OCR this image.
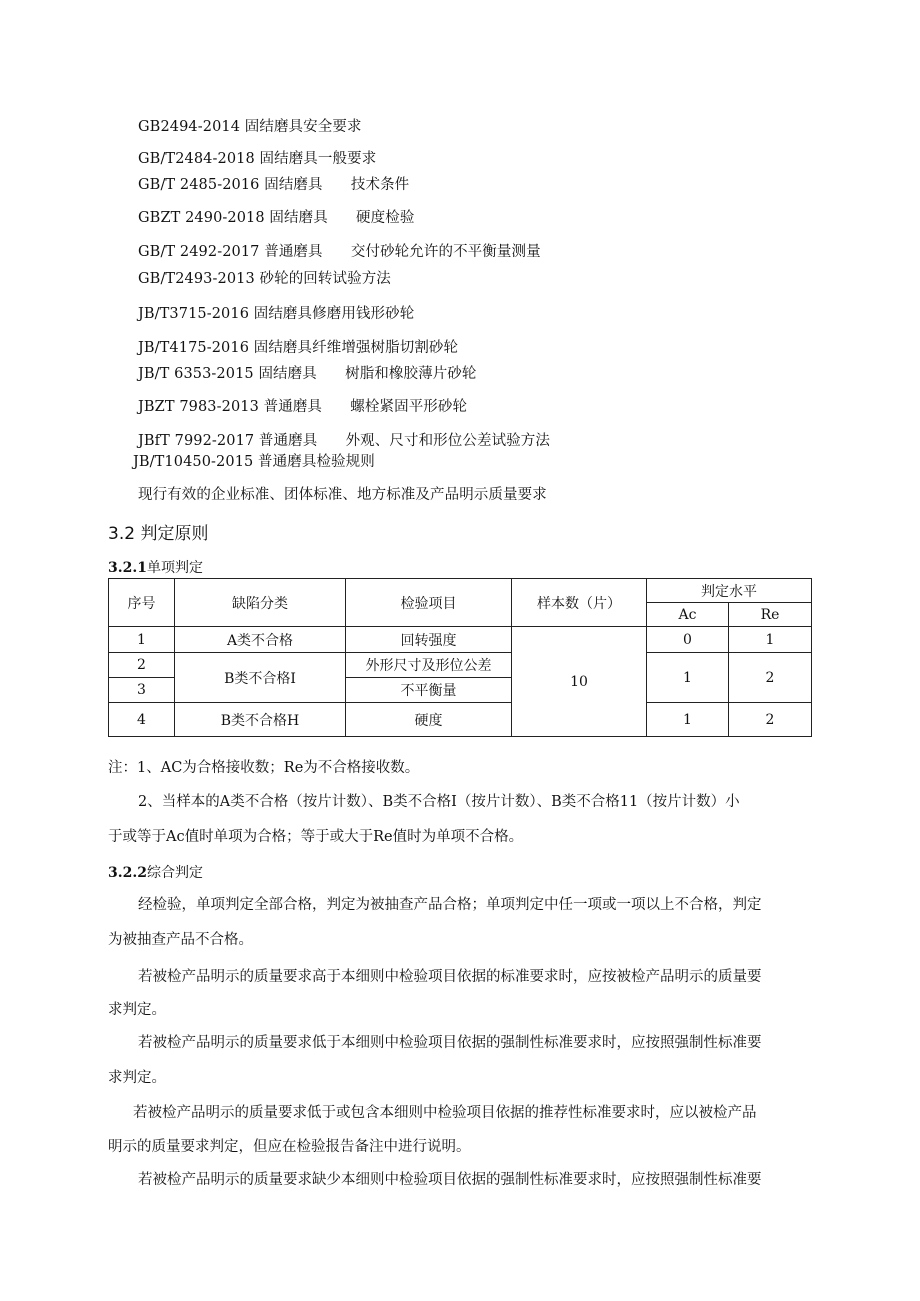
GB2494-2014 固结磨具安全要求
GB/T2484-2018 固结磨具一般要求
GB/T 2485-2016 固结磨具      技术条件
GBZT 2490-2018 固结磨具      硬度检验
GB/T 2492-2017 普通磨具      交付砂轮允许的不平衡量测量
GB/T2493-2013 砂轮的回转试验方法
JB/T3715-2016 固结磨具修磨用钱形砂轮
JB/T4175-2016 固结磨具纤维增强树脂切割砂轮
JB/T 6353-2015 固结磨具      树脂和橡胶薄片砂轮
JBZT 7983-2013 普通磨具      螺栓紧固平形砂轮
JBfT 7992-2017 普通磨具      外观、尺寸和形位公差试验方法
JB/T10450-2015 普通磨具检验规则
现行有效的企业标准、团体标准、地方标准及产品明示质量要求
3.2 判定原则
3.2.1单项判定
序号	缺陷分类	检验项目	样本数（片）	判定水平	
				Ac	Re
1	A类不合格	回转强度	10	0	1
2	B类不合格I	外形尺寸及形位公差		1	2
3		不平衡量			
4	B类不合格H	硬度		1	2
注：1、AC为合格接收数；Re为不合格接收数。
2、当样本的A类不合格（按片计数）、B类不合格I（按片计数）、B类不合格11（按片计数）小
于或等于Ac值时单项为合格；等于或大于Re值时为单项不合格。
3.2.2综合判定
经检验，单项判定全部合格，判定为被抽查产品合格；单项判定中任一项或一项以上不合格，判定
为被抽查产品不合格。
若被检产品明示的质量要求高于本细则中检验项目依据的标准要求时，应按被检产品明示的质量要
求判定。
若被检产品明示的质量要求低于本细则中检验项目依据的强制性标准要求时，应按照强制性标准要
求判定。
若被检产品明示的质量要求低于或包含本细则中检验项目依据的推荐性标准要求时，应以被检产品
明示的质量要求判定，但应在检验报告备注中进行说明。
若被检产品明示的质量要求缺少本细则中检验项目依据的强制性标准要求时，应按照强制性标准要
